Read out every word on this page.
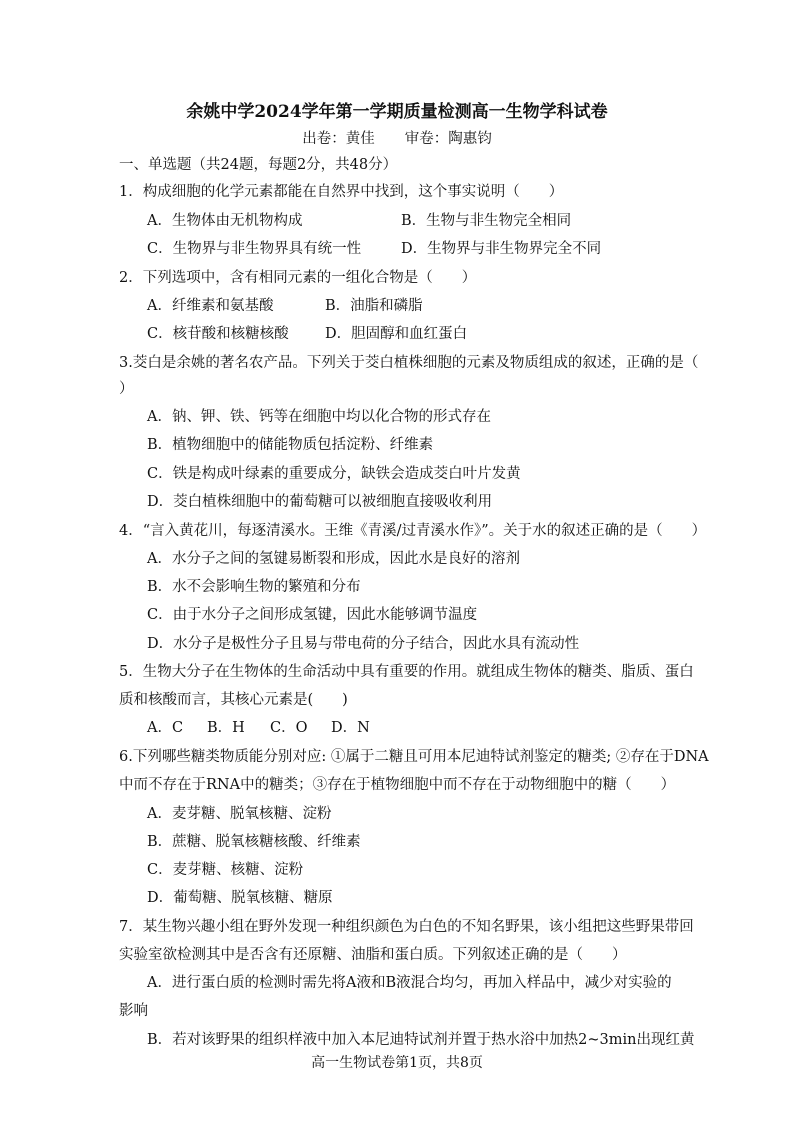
余姚中学2024学年第一学期质量检测高一生物学科试卷
出卷：黄佳 审卷：陶惠钧
一、单选题（共24题，每题2分，共48分）
1．构成细胞的化学元素都能在自然界中找到，这个事实说明（　　）
A．生物体由无机物构成	B．生物与非生物完全相同
C．生物界与非生物界具有统一性	D．生物界与非生物界完全不同
2．下列选项中，含有相同元素的一组化合物是（　　）
A．纤维素和氨基酸	B．油脂和磷脂
C．核苷酸和核糖核酸	D．胆固醇和血红蛋白
3.茭白是余姚的著名农产品。下列关于茭白植株细胞的元素及物质组成的叙述，正确的是（
）
A．钠、钾、铁、钙等在细胞中均以化合物的形式存在
B．植物细胞中的储能物质包括淀粉、纤维素
C．铁是构成叶绿素的重要成分，缺铁会造成茭白叶片发黄
D．茭白植株细胞中的葡萄糖可以被细胞直接吸收利用
4．“言入黄花川，每逐清溪水。王维《青溪/过青溪水作》”。关于水的叙述正确的是（　　）
A．水分子之间的氢键易断裂和形成，因此水是良好的溶剂
B．水不会影响生物的繁殖和分布
C．由于水分子之间形成氢键，因此水能够调节温度
D．水分子是极性分子且易与带电荷的分子结合，因此水具有流动性
5．生物大分子在生物体的生命活动中具有重要的作用。就组成生物体的糖类、脂质、蛋白
质和核酸而言，其核心元素是(　　)
A．C B．H C．O D．N
6.下列哪些糖类物质能分别对应: ①属于二糖且可用本尼迪特试剂鉴定的糖类; ②存在于DNA
中而不存在于RNA中的糖类；③存在于植物细胞中而不存在于动物细胞中的糖（　　）
A．麦芽糖、脱氧核糖、淀粉
B．蔗糖、脱氧核糖核酸、纤维素
C．麦芽糖、核糖、淀粉
D．葡萄糖、脱氧核糖、糖原
7．某生物兴趣小组在野外发现一种组织颜色为白色的不知名野果，该小组把这些野果带回
实验室欲检测其中是否含有还原糖、油脂和蛋白质。下列叙述正确的是（　　）
A．进行蛋白质的检测时需先将A液和B液混合均匀，再加入样品中，减少对实验的
影响
B．若对该野果的组织样液中加入本尼迪特试剂并置于热水浴中加热2~3min出现红黄
高一生物试卷第1页，共8页
